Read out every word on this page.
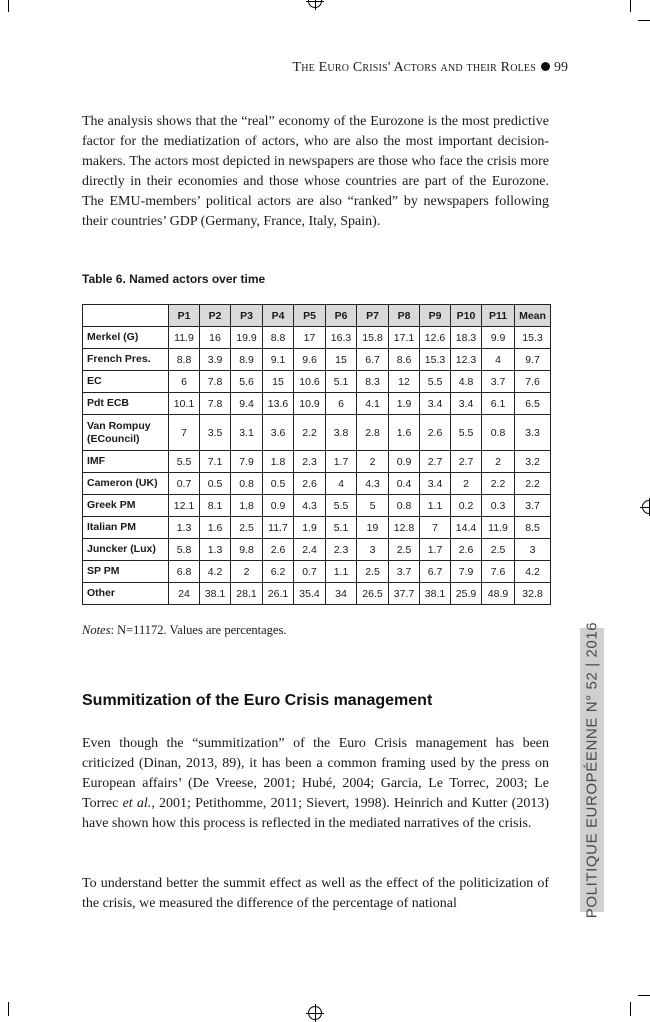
The Euro Crisis' Actors and their Roles 99

The analysis shows that the “real” economy of the Eurozone is the most predictive factor for the mediatization of actors, who are also the most important decision-makers. The actors most depicted in newspapers are those who face the crisis more directly in their economies and those whose countries are part of the Eurozone. The EMU-members’ political actors are also “ranked” by newspapers following their countries’ GDP (Germany, France, Italy, Spain).

Table 6. Named actors over time
	P1	P2	P3	P4	P5	P6	P7	P8	P9	P10	P11	Mean
Merkel (G)	11.9	16	19.9	8.8	17	16.3	15.8	17.1	12.6	18.3	9.9	15.3
French Pres.	8.8	3.9	8.9	9.1	9.6	15	6.7	8.6	15.3	12.3	4	9.7
EC	6	7.8	5.6	15	10.6	5.1	8.3	12	5.5	4.8	3.7	7.6
Pdt ECB	10.1	7.8	9.4	13.6	10.9	6	4.1	1.9	3.4	3.4	6.1	6.5
Van Rompuy (ECouncil)	7	3.5	3.1	3.6	2.2	3.8	2.8	1.6	2.6	5.5	0.8	3.3
IMF	5.5	7.1	7.9	1.8	2.3	1.7	2	0.9	2.7	2.7	2	3.2
Cameron (UK)	0.7	0.5	0.8	0.5	2.6	4	4.3	0.4	3.4	2	2.2	2.2
Greek PM	12.1	8.1	1.8	0.9	4.3	5.5	5	0.8	1.1	0.2	0.3	3.7
Italian PM	1.3	1.6	2.5	11.7	1.9	5.1	19	12.8	7	14.4	11.9	8.5
Juncker (Lux)	5.8	1.3	9.8	2.6	2.4	2.3	3	2.5	1.7	2.6	2.5	3
SP PM	6.8	4.2	2	6.2	0.7	1.1	2.5	3.7	6.7	7.9	7.6	4.2
Other	24	38.1	28.1	26.1	35.4	34	26.5	37.7	38.1	25.9	48.9	32.8
Notes: N=11172. Values are percentages.
Summitization of the Euro Crisis management

Even though the “summitization” of the Euro Crisis management has been criticized (Dinan, 2013, 89), it has been a common framing used by the press on European affairs’ (De Vreese, 2001; Hubé, 2004; Garcia, Le Torrec, 2003; Le Torrec et al., 2001; Petithomme, 2011; Sievert, 1998). Heinrich and Kutter (2013) have shown how this process is reflected in the mediated narratives of the crisis.

To understand better the summit effect as well as the effect of the politicization of the crisis, we measured the difference of the percentage of national	POLITIQUE EUROPÉENNE N° 52 | 2016
